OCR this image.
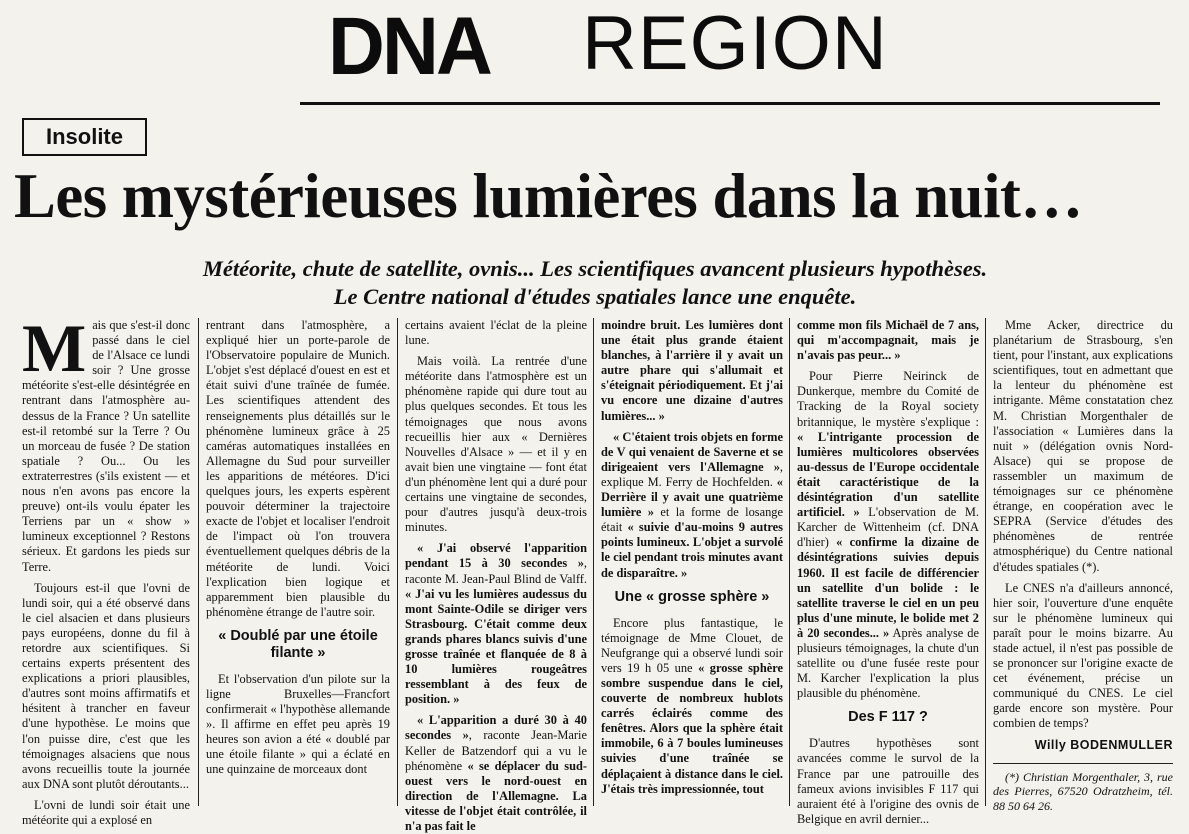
DNA REGION
Insolite
Les mystérieuses lumières dans la nuit…
Météorite, chute de satellite, ovnis... Les scientifiques avancent plusieurs hypothèses.
Le Centre national d'études spatiales lance une enquête.

Mais que s'est-il donc passé dans le ciel de l'Alsace ce lundi soir ? Une grosse météorite s'est-elle désintégrée en rentrant dans l'atmosphère au-dessus de la France ? Un satellite est-il retombé sur la Terre ? Ou un morceau de fusée ? De station spatiale ? Ou... Ou les extraterrestres (s'ils existent — et nous n'en avons pas encore la preuve) ont-ils voulu épater les Terriens par un « show » lumineux exceptionnel ? Restons sérieux. Et gardons les pieds sur Terre.

Toujours est-il que l'ovni de lundi soir, qui a été observé dans le ciel alsacien et dans plusieurs pays européens, donne du fil à retordre aux scientifiques. Si certains experts présentent des explications a priori plausibles, d'autres sont moins affirmatifs et hésitent à trancher en faveur d'une hypothèse. Le moins que l'on puisse dire, c'est que les témoignages alsaciens que nous avons recueillis toute la journée aux DNA sont plutôt déroutants...

L'ovni de lundi soir était une météorite qui a explosé en

rentrant dans l'atmosphère, a expliqué hier un porte-parole de l'Observatoire populaire de Munich. L'objet s'est déplacé d'ouest en est et était suivi d'une traînée de fumée. Les scientifiques attendent des renseignements plus détaillés sur le phénomène lumineux grâce à 25 caméras automatiques installées en Allemagne du Sud pour surveiller les apparitions de météores. D'ici quelques jours, les experts espèrent pouvoir déterminer la trajectoire exacte de l'objet et localiser l'endroit de l'impact où l'on trouvera éventuellement quelques débris de la météorite de lundi. Voici l'explication bien logique et apparemment bien plausible du phénomène étrange de l'autre soir.

« Doublé par une étoile filante »

Et l'observation d'un pilote sur la ligne Bruxelles—Francfort confirmerait « l'hypothèse allemande ». Il affirme en effet peu après 19 heures son avion a été « doublé par une étoile filante » qui a éclaté en une quinzaine de morceaux dont

certains avaient l'éclat de la pleine lune.

Mais voilà. La rentrée d'une météorite dans l'atmosphère est un phénomène rapide qui dure tout au plus quelques secondes. Et tous les témoignages que nous avons recueillis hier aux « Dernières Nouvelles d'Alsace » — et il y en avait bien une vingtaine — font état d'un phénomène lent qui a duré pour certains une vingtaine de secondes, pour d'autres jusqu'à deux-trois minutes.

« J'ai observé l'apparition pendant 15 à 30 secondes », raconte M. Jean-Paul Blind de Valff. « J'ai vu les lumières audessus du mont Sainte-Odile se diriger vers Strasbourg. C'était comme deux grands phares blancs suivis d'une grosse traînée et flanquée de 8 à 10 lumières rougeâtres ressemblant à des feux de position. »

« L'apparition a duré 30 à 40 secondes », raconte Jean-Marie Keller de Batzendorf qui a vu le phénomène « se déplacer du sud-ouest vers le nord-ouest en direction de l'Allemagne. La vitesse de l'objet était contrôlée, il n'a pas fait le

moindre bruit. Les lumières dont une était plus grande étaient blanches, à l'arrière il y avait un autre phare qui s'allumait et s'éteignait périodiquement. Et j'ai vu encore une dizaine d'autres lumières... »

« C'étaient trois objets en forme de V qui venaient de Saverne et se dirigeaient vers l'Allemagne », explique M. Ferry de Hochfelden. « Derrière il y avait une quatrième lumière » et la forme de losange était « suivie d'au-moins 9 autres points lumineux. L'objet a survolé le ciel pendant trois minutes avant de disparaître. »

Une « grosse sphère »

Encore plus fantastique, le témoignage de Mme Clouet, de Neufgrange qui a observé lundi soir vers 19 h 05 une « grosse sphère sombre suspendue dans le ciel, couverte de nombreux hublots carrés éclairés comme des fenêtres. Alors que la sphère était immobile, 6 à 7 boules lumineuses suivies d'une traînée se déplaçaient à distance dans le ciel. J'étais très impressionnée, tout

comme mon fils Michaël de 7 ans, qui m'accompagnait, mais je n'avais pas peur... »

Pour Pierre Neirinck de Dunkerque, membre du Comité de Tracking de la Royal society britannique, le mystère s'explique : « L'intrigante procession de lumières multicolores observées au-dessus de l'Europe occidentale était caractéristique de la désintégration d'un satellite artificiel. » L'observation de M. Karcher de Wittenheim (cf. DNA d'hier) « confirme la dizaine de désintégrations suivies depuis 1960. Il est facile de différencier un satellite d'un bolide : le satellite traverse le ciel en un peu plus d'une minute, le bolide met 2 à 20 secondes... » Après analyse de plusieurs témoignages, la chute d'un satellite ou d'une fusée reste pour M. Karcher l'explication la plus plausible du phénomène.

Des F 117 ?

D'autres hypothèses sont avancées comme le survol de la France par une patrouille des fameux avions invisibles F 117 qui auraient été à l'origine des ovnis de Belgique en avril dernier...

Mme Acker, directrice du planétarium de Strasbourg, s'en tient, pour l'instant, aux explications scientifiques, tout en admettant que la lenteur du phénomène est intrigante. Même constatation chez M. Christian Morgenthaler de l'association « Lumières dans la nuit » (délégation ovnis Nord-Alsace) qui se propose de rassembler un maximum de témoignages sur ce phénomène étrange, en coopération avec le SEPRA (Service d'études des phénomènes de rentrée atmosphérique) du Centre national d'études spatiales (*).

Le CNES n'a d'ailleurs annoncé, hier soir, l'ouverture d'une enquête sur le phénomène lumineux qui paraît pour le moins bizarre. Au stade actuel, il n'est pas possible de se prononcer sur l'origine exacte de cet événement, précise un communiqué du CNES. Le ciel garde encore son mystère. Pour combien de temps?

Willy BODENMULLER

(*) Christian Morgenthaler, 3, rue des Pierres, 67520 Odratzheim, tél. 88 50 64 26.
